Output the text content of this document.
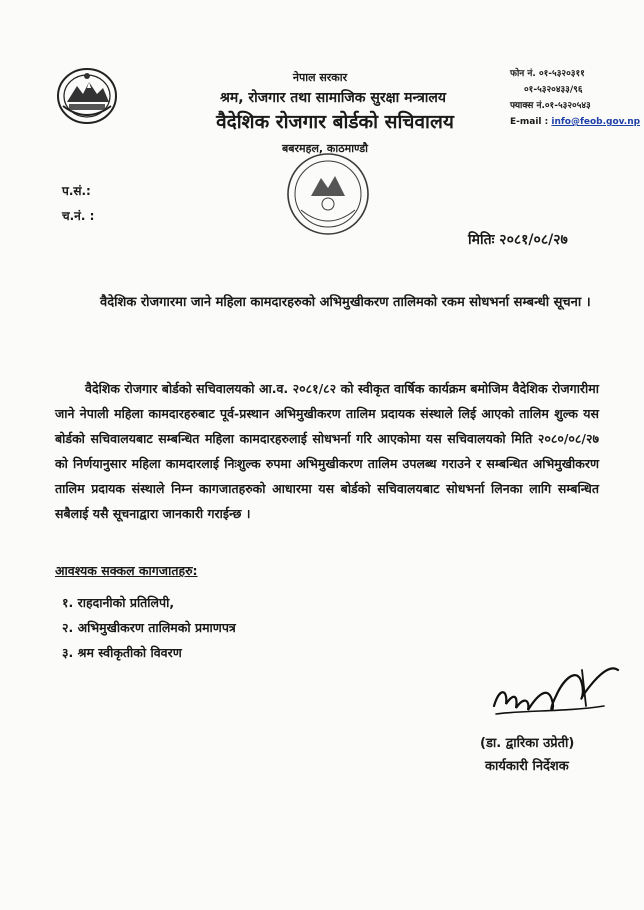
नेपाल सरकार
श्रम, रोजगार तथा सामाजिक सुरक्षा मन्त्रालय
वैदेशिक रोजगार बोर्डको सचिवालय
बबरमहल, काठमाण्डौ
फोन नं. ०१-५३२०३११
०१-५३२०४३३/९६
फ्याक्स नं.०१-५३२०५४३
E-mail : info@feob.gov.np
प.सं.:
च.नं. :
मितिः २०८१/०८/२७
वैदेशिक रोजगारमा जाने महिला कामदारहरुको अभिमुखीकरण तालिमको रकम सोधभर्ना सम्बन्धी सूचना ।
वैदेशिक रोजगार बोर्डको सचिवालयको आ.व. २०८१/८२ को स्वीकृत वार्षिक कार्यक्रम बमोजिम वैदेशिक रोजगारीमा जाने नेपाली महिला कामदारहरुबाट पूर्व-प्रस्थान अभिमुखीकरण तालिम प्रदायक संस्थाले लिई आएको तालिम शुल्क यस बोर्डको सचिवालयबाट सम्बन्धित महिला कामदारहरुलाई सोधभर्ना गरि आएकोमा यस सचिवालयको मिति २०८०/०८/२७ को निर्णयानुसार महिला कामदारलाई निःशुल्क रुपमा अभिमुखीकरण तालिम उपलब्ध गराउने र सम्बन्धित अभिमुखीकरण तालिम प्रदायक संस्थाले निम्न कागजातहरुको आधारमा यस बोर्डको सचिवालयबाट सोधभर्ना लिनका लागि सम्बन्धित सबैलाई यसै सूचनाद्वारा जानकारी गराईन्छ ।
आवश्यक सक्कल कागजातहरु:
१. राहदानीको प्रतिलिपी,
२. अभिमुखीकरण तालिमको प्रमाणपत्र
३. श्रम स्वीकृतीको विवरण
(डा. द्वारिका उप्रेती)
कार्यकारी निर्देशक
